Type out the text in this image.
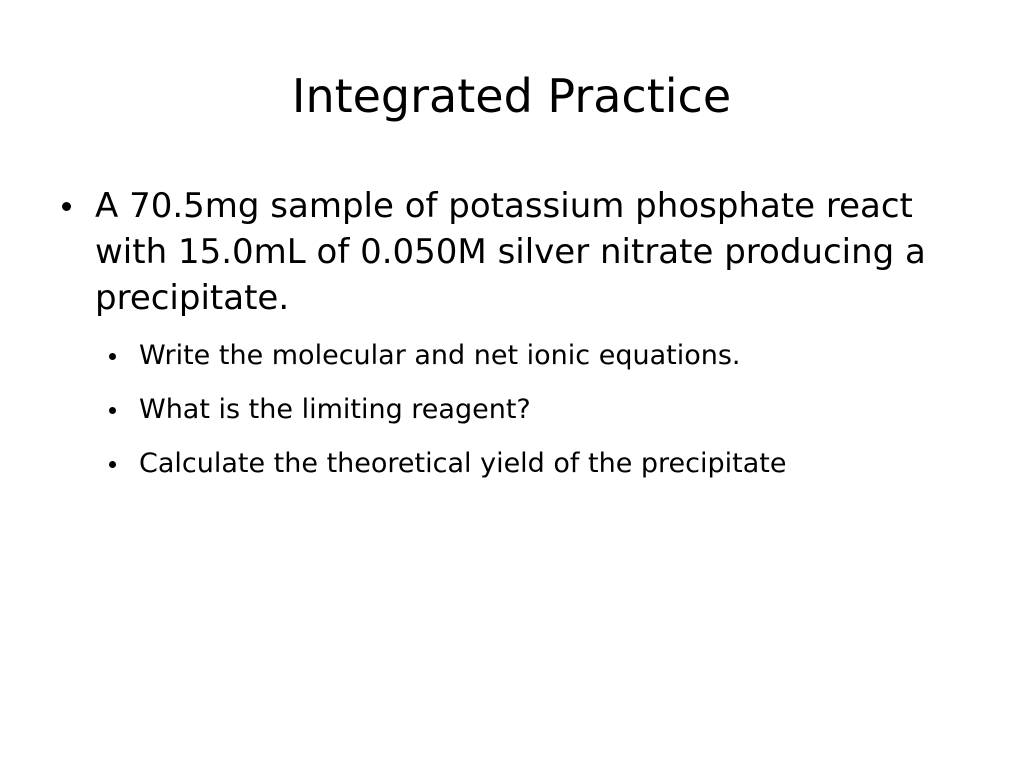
Integrated Practice

A 70.5mg sample of potassium phosphate react with 15.0mL of 0.050M silver nitrate producing a precipitate.

Write the molecular and net ionic equations.
What is the limiting reagent?
Calculate the theoretical yield of the precipitate
